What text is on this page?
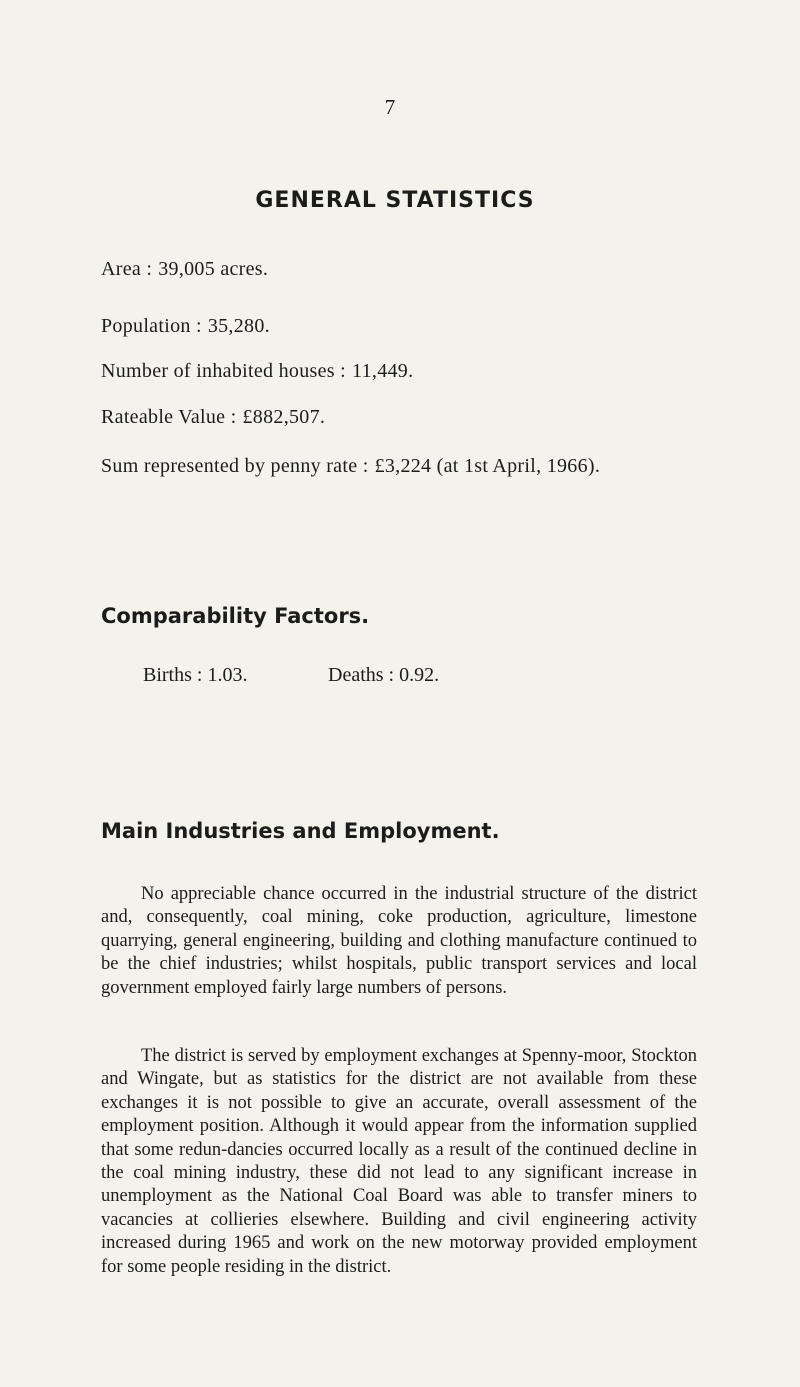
7
GENERAL STATISTICS

Area : 39,005 acres.

Population : 35,280.

Number of inhabited houses : 11,449.

Rateable Value : £882,507.

Sum represented by penny rate : £3,224 (at 1st April, 1966).

Comparability Factors.
Births : 1.03.	Deaths : 0.92.
Main Industries and Employment.

No appreciable chance occurred in the industrial structure of the district and, consequently, coal mining, coke production, agriculture, limestone quarrying, general engineering, building and clothing manufacture continued to be the chief industries; whilst hospitals, public transport services and local government employed fairly large numbers of persons.

The district is served by employment exchanges at Spenny-moor, Stockton and Wingate, but as statistics for the district are not available from these exchanges it is not possible to give an accurate, overall assessment of the employment position. Although it would appear from the information supplied that some redun-dancies occurred locally as a result of the continued decline in the coal mining industry, these did not lead to any significant increase in unemployment as the National Coal Board was able to transfer miners to vacancies at collieries elsewhere. Building and civil engineering activity increased during 1965 and work on the new motorway provided employment for some people residing in the district.
